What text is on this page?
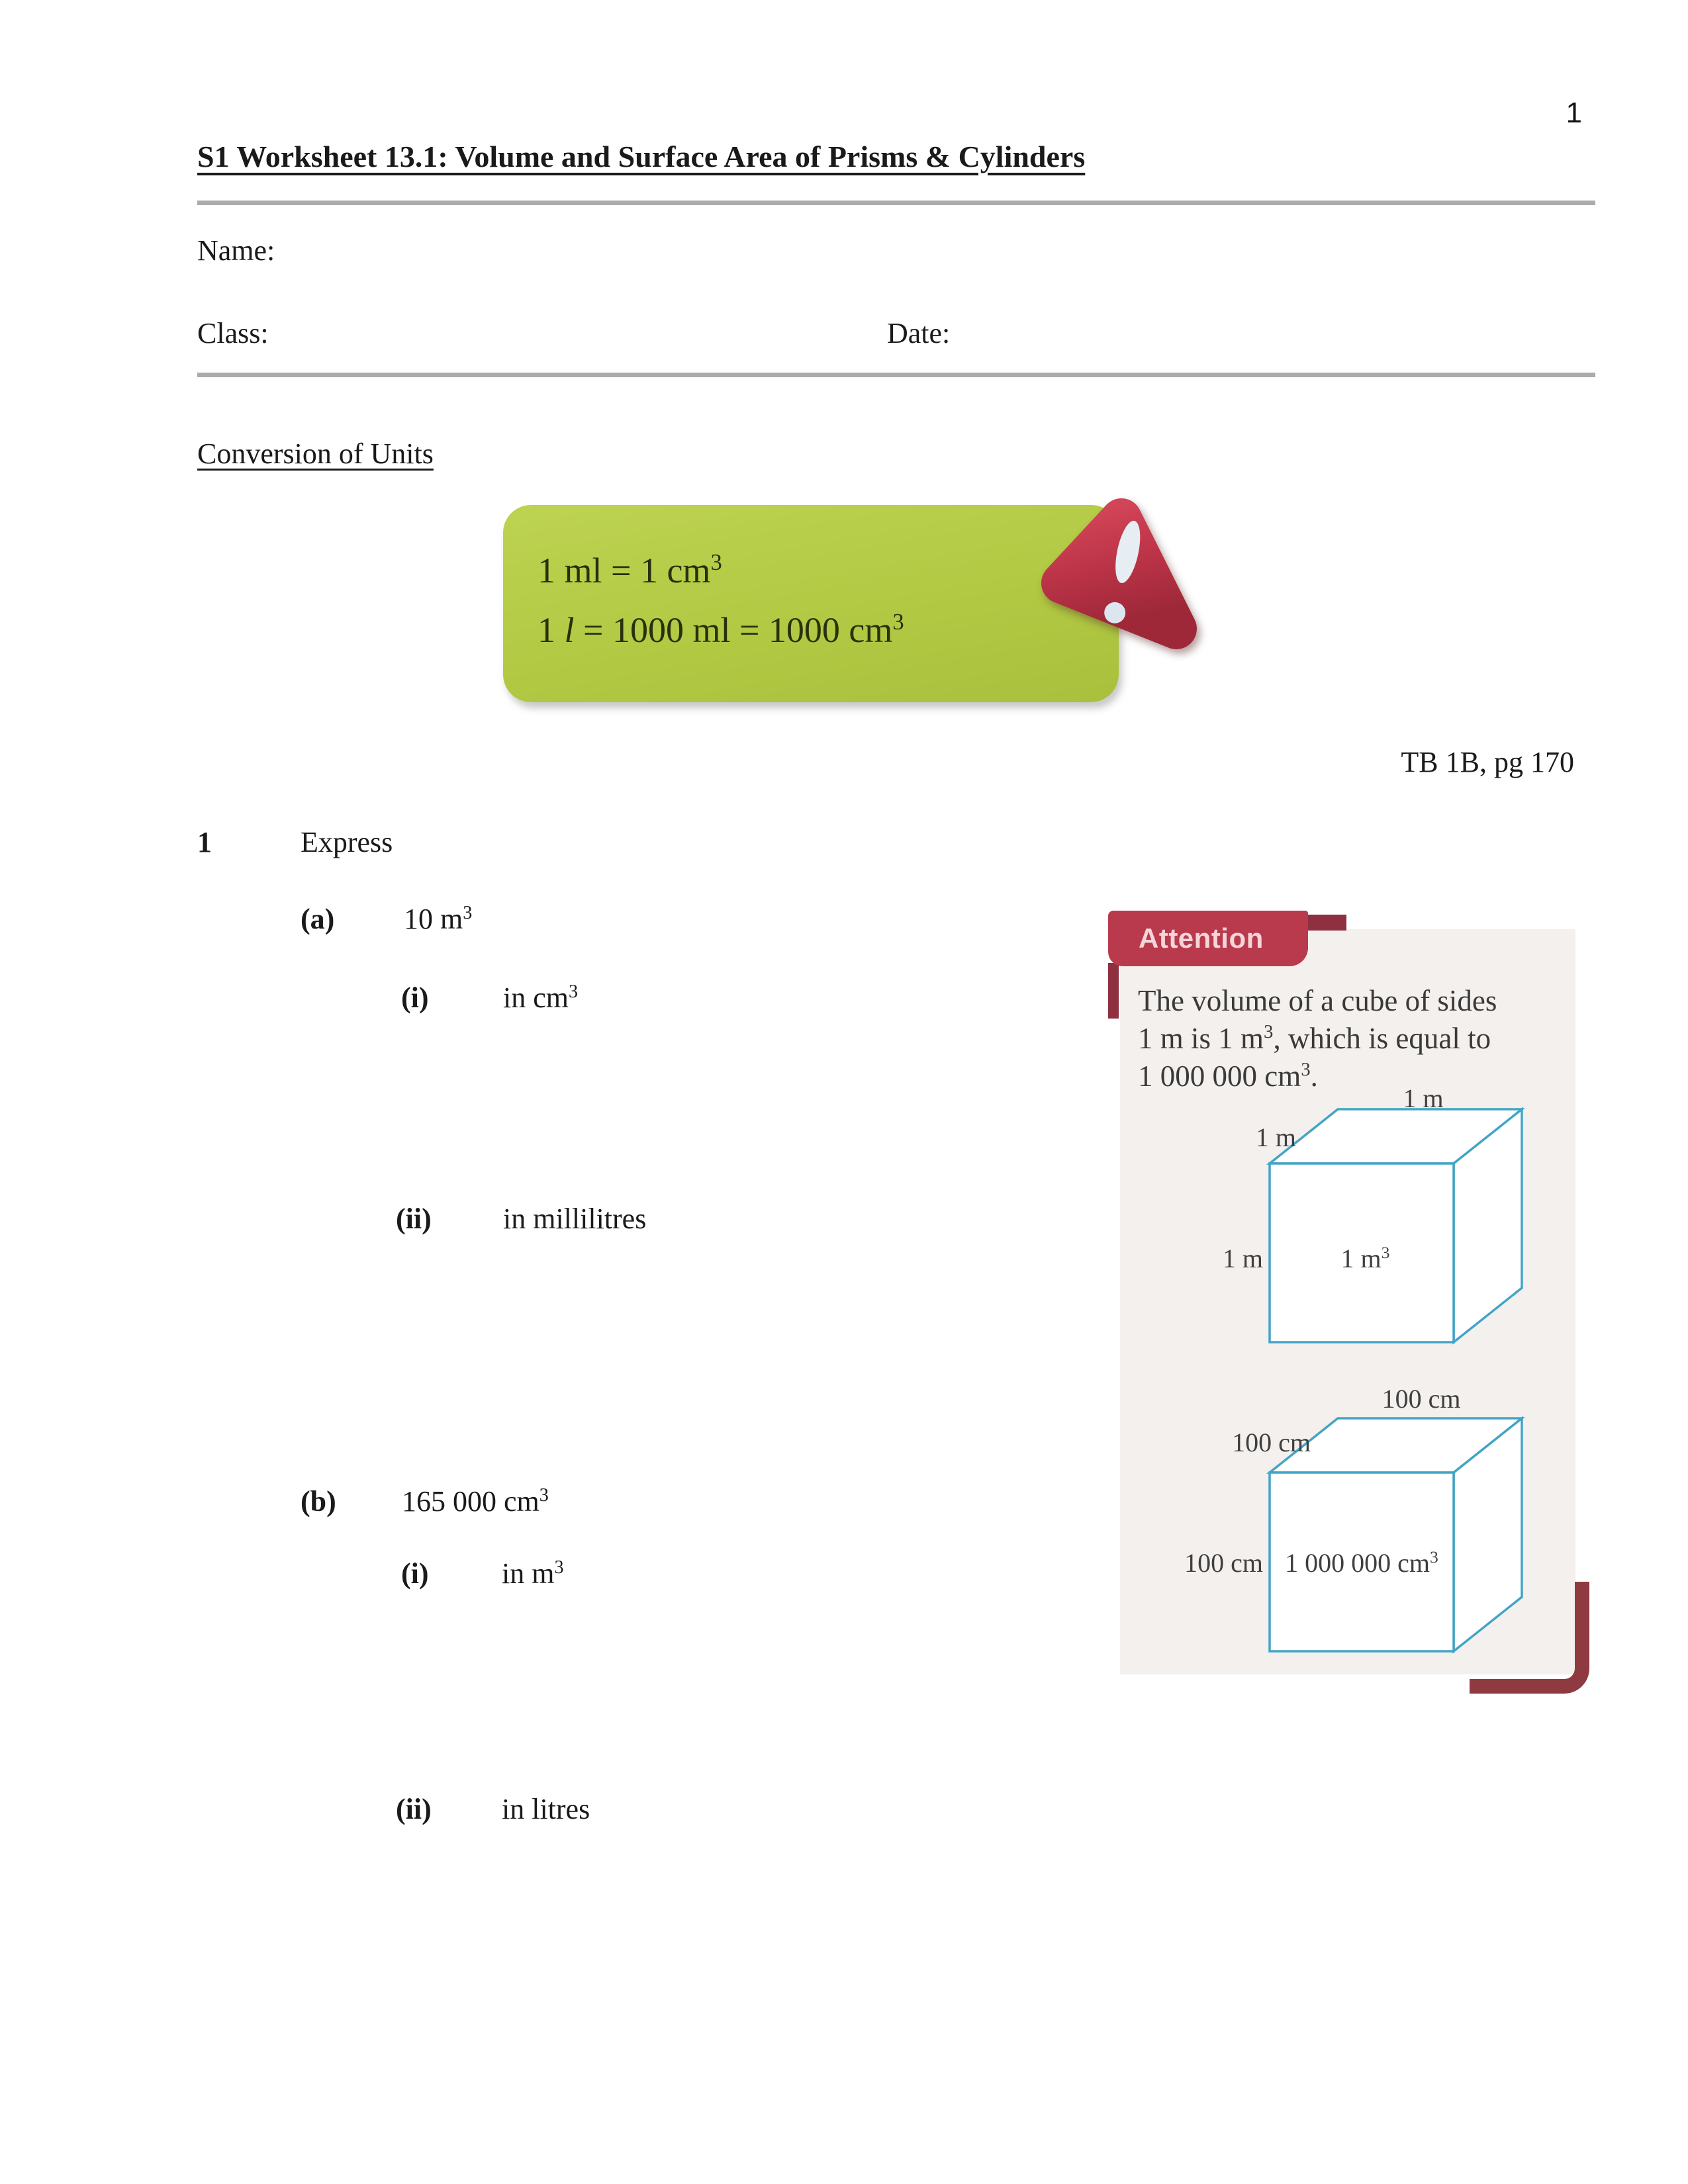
1
S1 Worksheet 13.1: Volume and Surface Area of Prisms & Cylinders
Name:
Class:	Date:
Conversion of Units
1 ml = 1 $cm^3$
1 l = 1000 ml = 1000 $cm^3$
TB 1B, pg 170
1	Express
(a) 10 $m^3$
(i)	in $cm^3$
(ii) in millilitres
(b) 165 000 $cm^3$
(i)	in $m^3$
(ii) in litres
Attention
The volume of a cube of sides
1 m is 1 $m^3$, which is equal to
1 000 000 $cm^3$.
1 m
1 m
1 m	1 $m^3$
100 cm
100 cm
100 cm 1 000 000 $cm^3$
